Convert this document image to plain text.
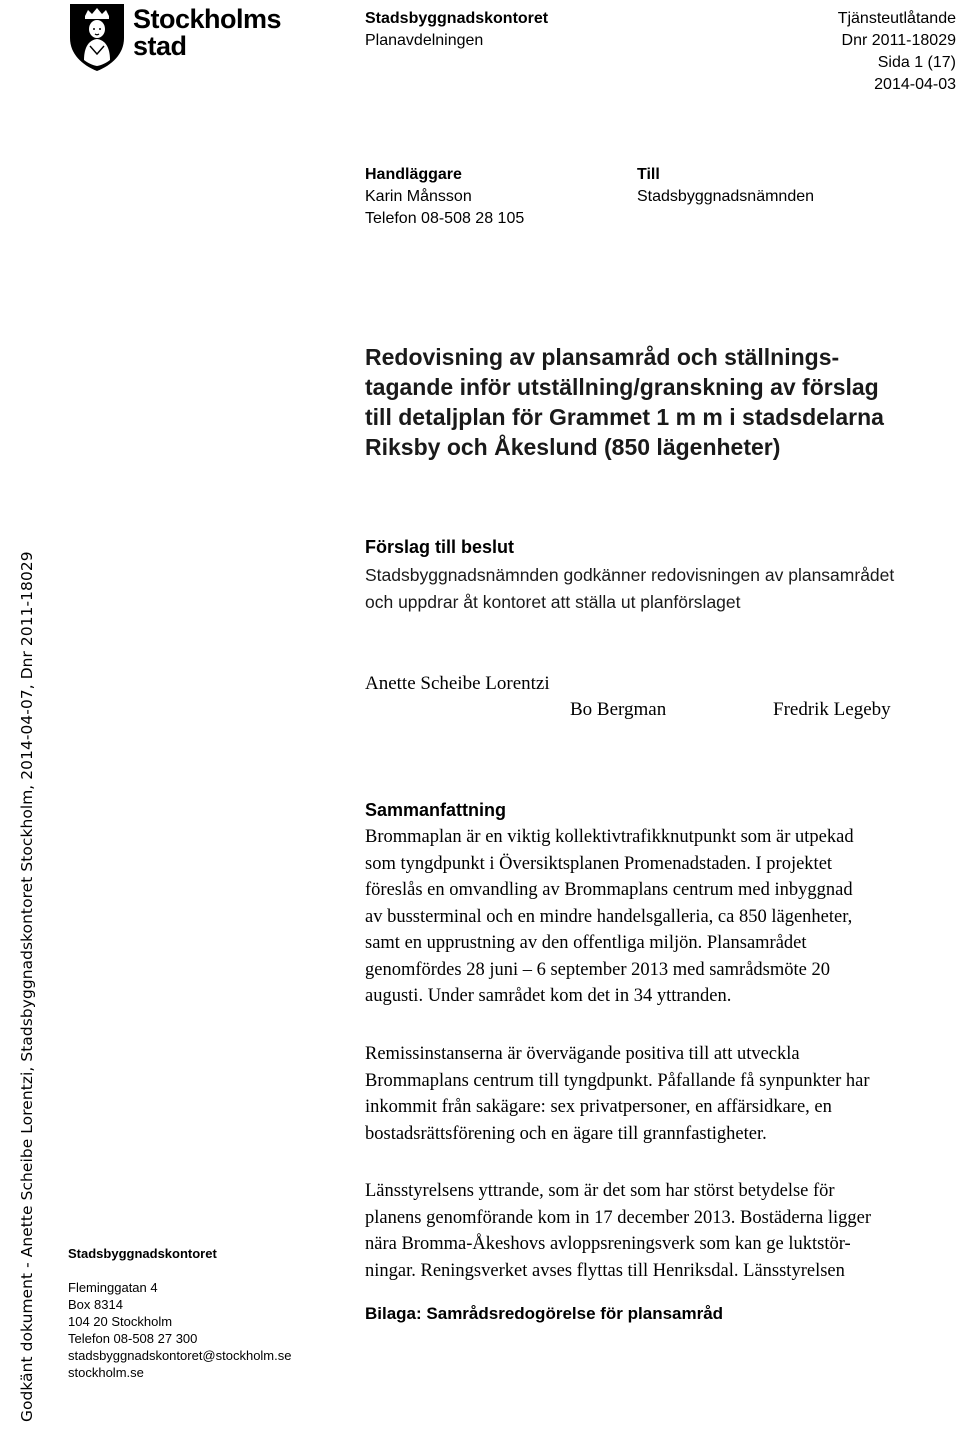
Stockholms
stad
Stadsbyggnadskontoret
Planavdelningen
Tjänsteutlåtande
Dnr 2011-18029
Sida 1 (17)
2014-04-03
Handläggare
Karin Månsson
Telefon 08-508 28 105
Till
Stadsbyggnadsnämnden
Redovisning av plansamråd och ställnings-
tagande inför utställning/granskning av förslag
till detaljplan för Grammet 1 m m i stadsdelarna
Riksby och Åkeslund (850 lägenheter)
Förslag till beslut
Stadsbyggnadsnämnden godkänner redovisningen av plansamrådet
och uppdrar åt kontoret att ställa ut planförslaget
Anette Scheibe Lorentzi
Bo Bergman	Fredrik Legeby
Sammanfattning
Brommaplan är en viktig kollektivtrafikknutpunkt som är utpekad
som tyngdpunkt i Översiktsplanen Promenadstaden. I projektet
föreslås en omvandling av Brommaplans centrum med inbyggnad
av bussterminal och en mindre handelsgalleria, ca 850 lägenheter,
samt en upprustning av den offentliga miljön. Plansamrådet
genomfördes 28 juni – 6 september 2013 med samrådsmöte 20
augusti. Under samrådet kom det in 34 yttranden.
Remissinstanserna är övervägande positiva till att utveckla
Brommaplans centrum till tyngdpunkt. Påfallande få synpunkter har
inkommit från sakägare: sex privatpersoner, en affärsidkare, en
bostadsrättsförening och en ägare till grannfastigheter.
Länsstyrelsens yttrande, som är det som har störst betydelse för
planens genomförande kom in 17 december 2013. Bostäderna ligger
nära Bromma-Åkeshovs avloppsreningsverk som kan ge luktstör-
ningar. Reningsverket avses flyttas till Henriksdal. Länsstyrelsen
Bilaga: Samrådsredogörelse för plansamråd
Stadsbyggnadskontoret
Fleminggatan 4
Box 8314
104 20 Stockholm
Telefon 08-508 27 300
stadsbyggnadskontoret@stockholm.se
stockholm.se
Godkänt dokument - Anette Scheibe Lorentzi, Stadsbyggnadskontoret Stockholm, 2014-04-07, Dnr 2011-18029
